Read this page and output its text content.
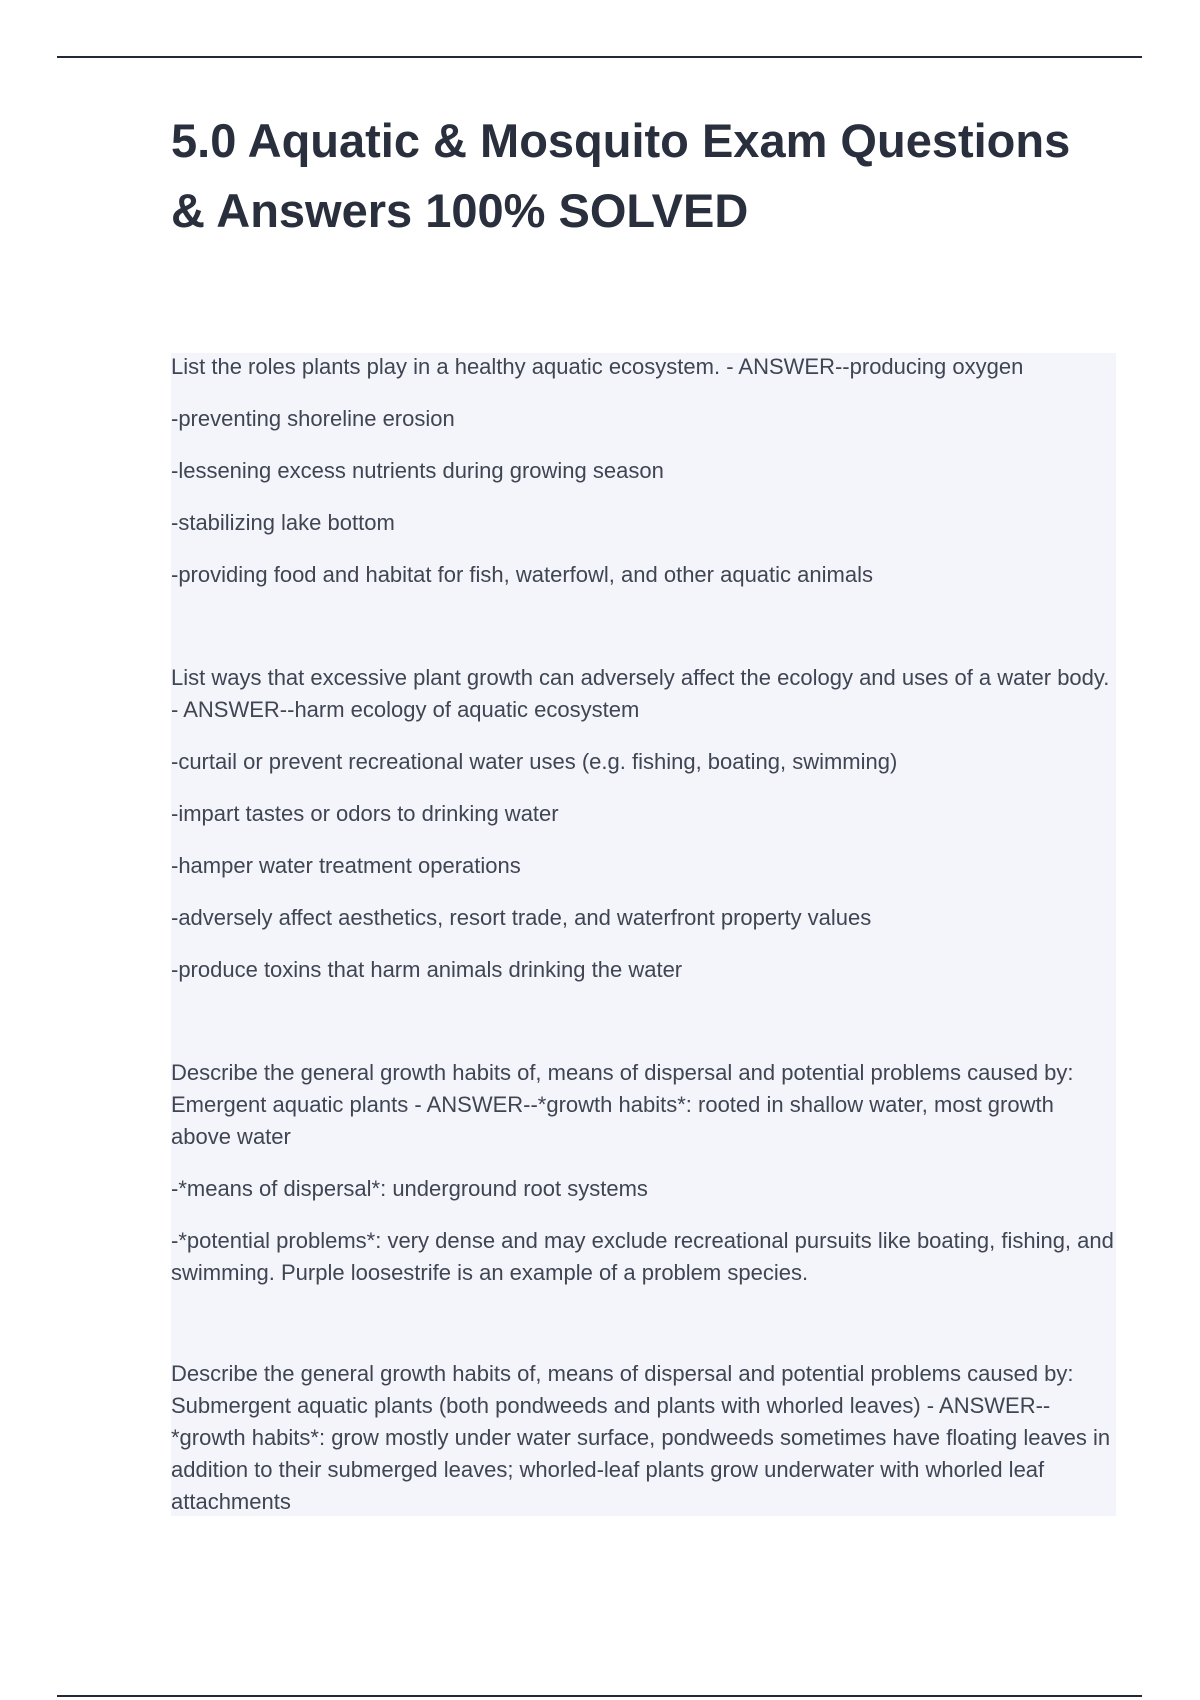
5.0 Aquatic & Mosquito Exam Questions
& Answers 100% SOLVED

List the roles plants play in a healthy aquatic ecosystem. - ANSWER--producing oxygen

-preventing shoreline erosion

-lessening excess nutrients during growing season

-stabilizing lake bottom

-providing food and habitat for fish, waterfowl, and other aquatic animals

List ways that excessive plant growth can adversely affect the ecology and uses of a water body. - ANSWER--harm ecology of aquatic ecosystem

-curtail or prevent recreational water uses (e.g. fishing, boating, swimming)

-impart tastes or odors to drinking water

-hamper water treatment operations

-adversely affect aesthetics, resort trade, and waterfront property values

-produce toxins that harm animals drinking the water

Describe the general growth habits of, means of dispersal and potential problems caused by: Emergent aquatic plants - ANSWER--*growth habits*: rooted in shallow water, most growth above water

-*means of dispersal*: underground root systems

-*potential problems*: very dense and may exclude recreational pursuits like boating, fishing, and swimming. Purple loosestrife is an example of a problem species.

Describe the general growth habits of, means of dispersal and potential problems caused by: Submergent aquatic plants (both pondweeds and plants with whorled leaves) - ANSWER--*growth habits*: grow mostly under water surface, pondweeds sometimes have floating leaves in addition to their submerged leaves; whorled-leaf plants grow underwater with whorled leaf attachments
